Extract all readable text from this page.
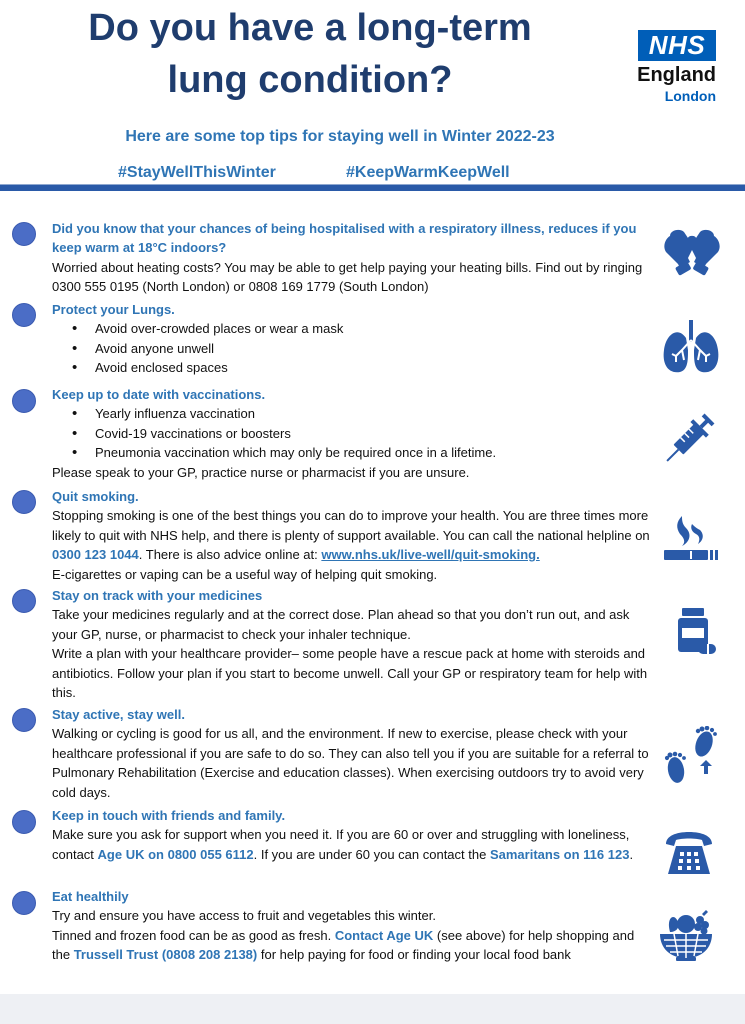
Do you have a long-term
lung condition?
NHS
England
London
Here are some top tips for staying well in Winter 2022-23
#StayWellThisWinter	#KeepWarmKeepWell
Did you know that your chances of being hospitalised with a respiratory illness, reduces if you keep warm at 18°C indoors?
Worried about heating costs? You may be able to get help paying your heating bills. Find out by ringing 0300 555 0195 (North London) or 0808 169 1779 (South London)
Protect your Lungs.
• Avoid over-crowded places or wear a mask
• Avoid anyone unwell
• Avoid enclosed spaces
Keep up to date with vaccinations.
• Yearly influenza vaccination
• Covid-19 vaccinations or boosters
• Pneumonia vaccination which may only be required once in a lifetime.
Please speak to your GP, practice nurse or pharmacist if you are unsure.
Quit smoking.
Stopping smoking is one of the best things you can do to improve your health. You are three times more likely to quit with NHS help, and there is plenty of support available. You can call the national helpline on 0300 123 1044. There is also advice online at: www.nhs.uk/live-well/quit-smoking.
E-cigarettes or vaping can be a useful way of helping quit smoking.
Stay on track with your medicines
Take your medicines regularly and at the correct dose. Plan ahead so that you don’t run out, and ask your GP, nurse, or pharmacist to check your inhaler technique.
Write a plan with your healthcare provider– some people have a rescue pack at home with steroids and antibiotics. Follow your plan if you start to become unwell. Call your GP or respiratory team for help with this.
Stay active, stay well.
Walking or cycling is good for us all, and the environment. If new to exercise, please check with your healthcare professional if you are safe to do so. They can also tell you if you are suitable for a referral to Pulmonary Rehabilitation (Exercise and education classes). When exercising outdoors try to avoid very cold days.
Keep in touch with friends and family.
Make sure you ask for support when you need it. If you are 60 or over and struggling with loneliness, contact Age UK on 0800 055 6112. If you are under 60 you can contact the Samaritans on 116 123.
Eat healthily
Try and ensure you have access to fruit and vegetables this winter.
Tinned and frozen food can be as good as fresh. Contact Age UK (see above) for help shopping and the Trussell Trust (0808 208 2138) for help paying for food or finding your local food bank
